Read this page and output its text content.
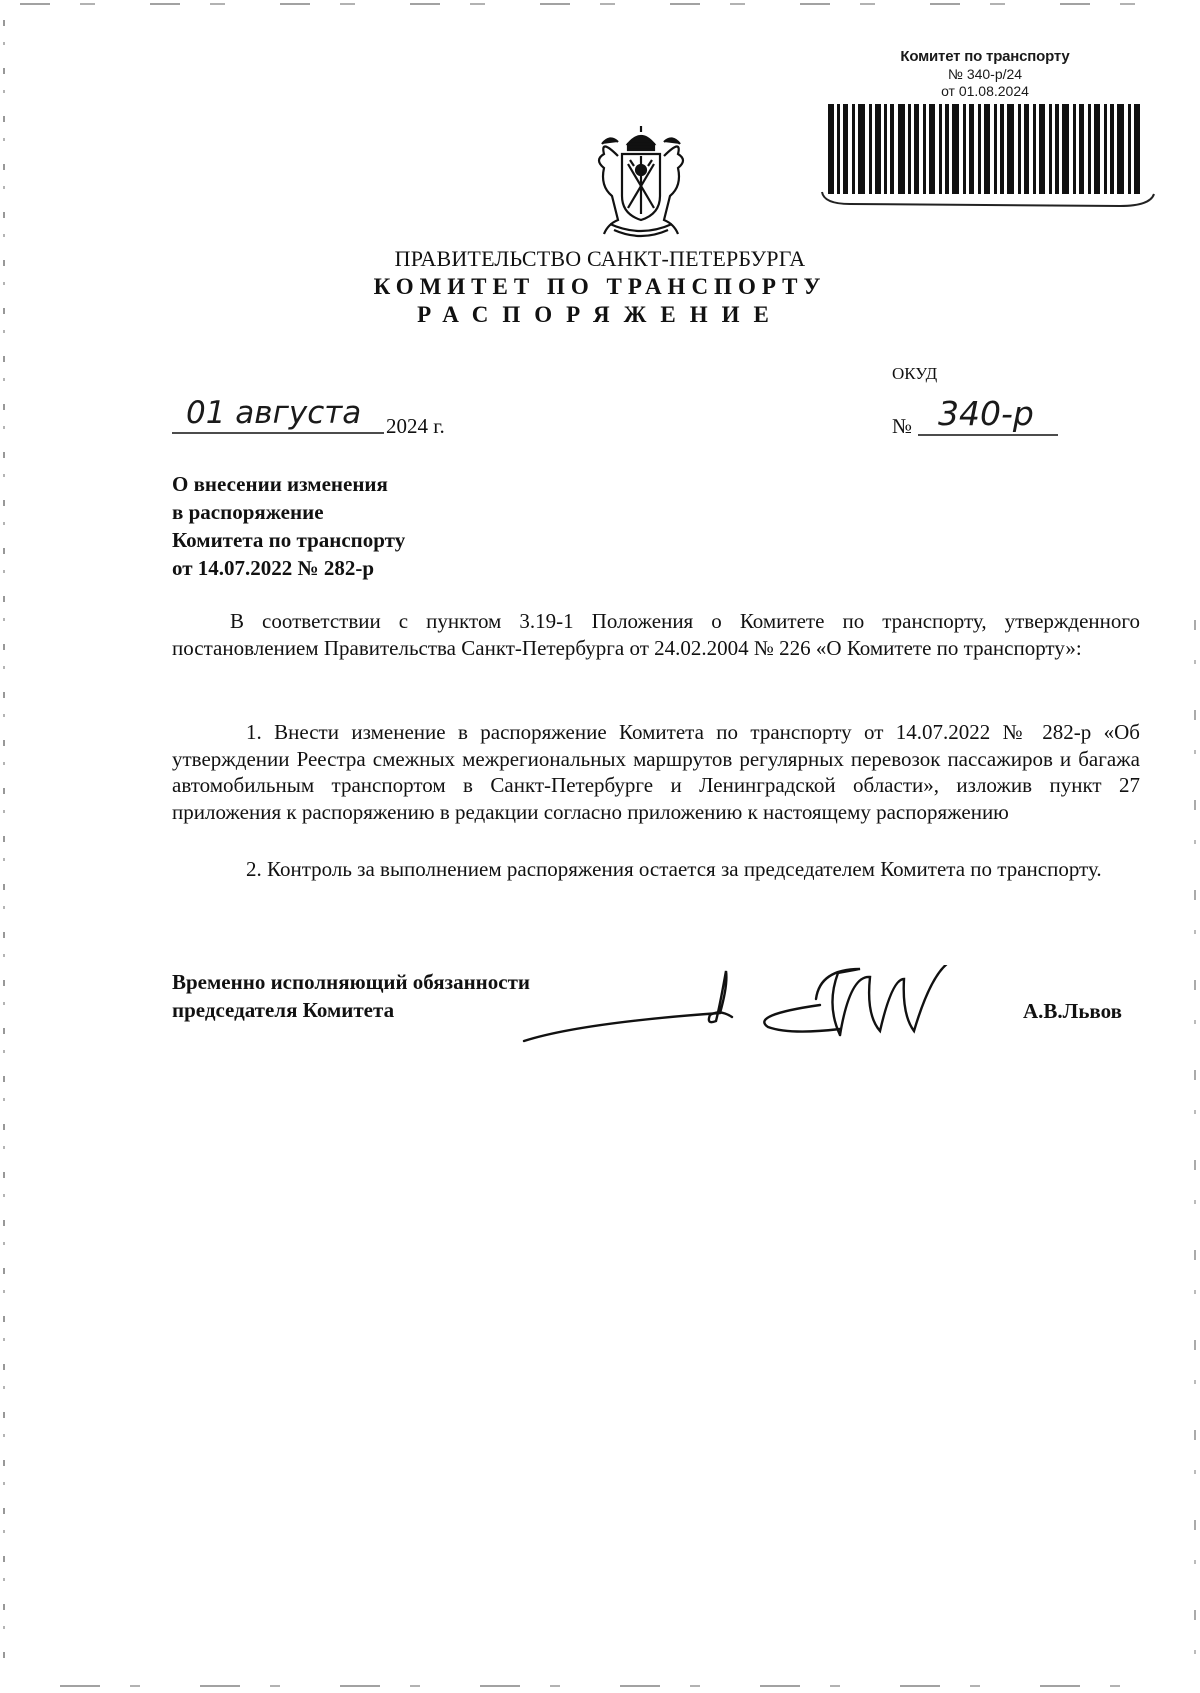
Комитет по транспорту
№ 340-р/24
от 01.08.2024
ПРАВИТЕЛЬСТВО САНКТ-ПЕТЕРБУРГА
КОМИТЕТ ПО ТРАНСПОРТУ
РАСПОРЯЖЕНИЕ
ОКУД
01 августа 2024 г.	№ 340-р
О внесении изменения
в распоряжение
Комитета по транспорту
от 14.07.2022 № 282-р
В соответствии с пунктом 3.19-1 Положения о Комитете по транспорту, утвержденного постановлением Правительства Санкт-Петербурга от 24.02.2004 № 226 «О Комитете по транспорту»:
1. Внести изменение в распоряжение Комитета по транспорту от 14.07.2022 № 282-р «Об утверждении Реестра смежных межрегиональных маршрутов регулярных перевозок пассажиров и багажа автомобильным транспортом в Санкт-Петербурге и Ленинградской области», изложив пункт 27 приложения к распоряжению в редакции согласно приложению к настоящему распоряжению
2. Контроль за выполнением распоряжения остается за председателем Комитета по транспорту.
Временно исполняющий обязанности
председателя Комитета	А.В.Львов
